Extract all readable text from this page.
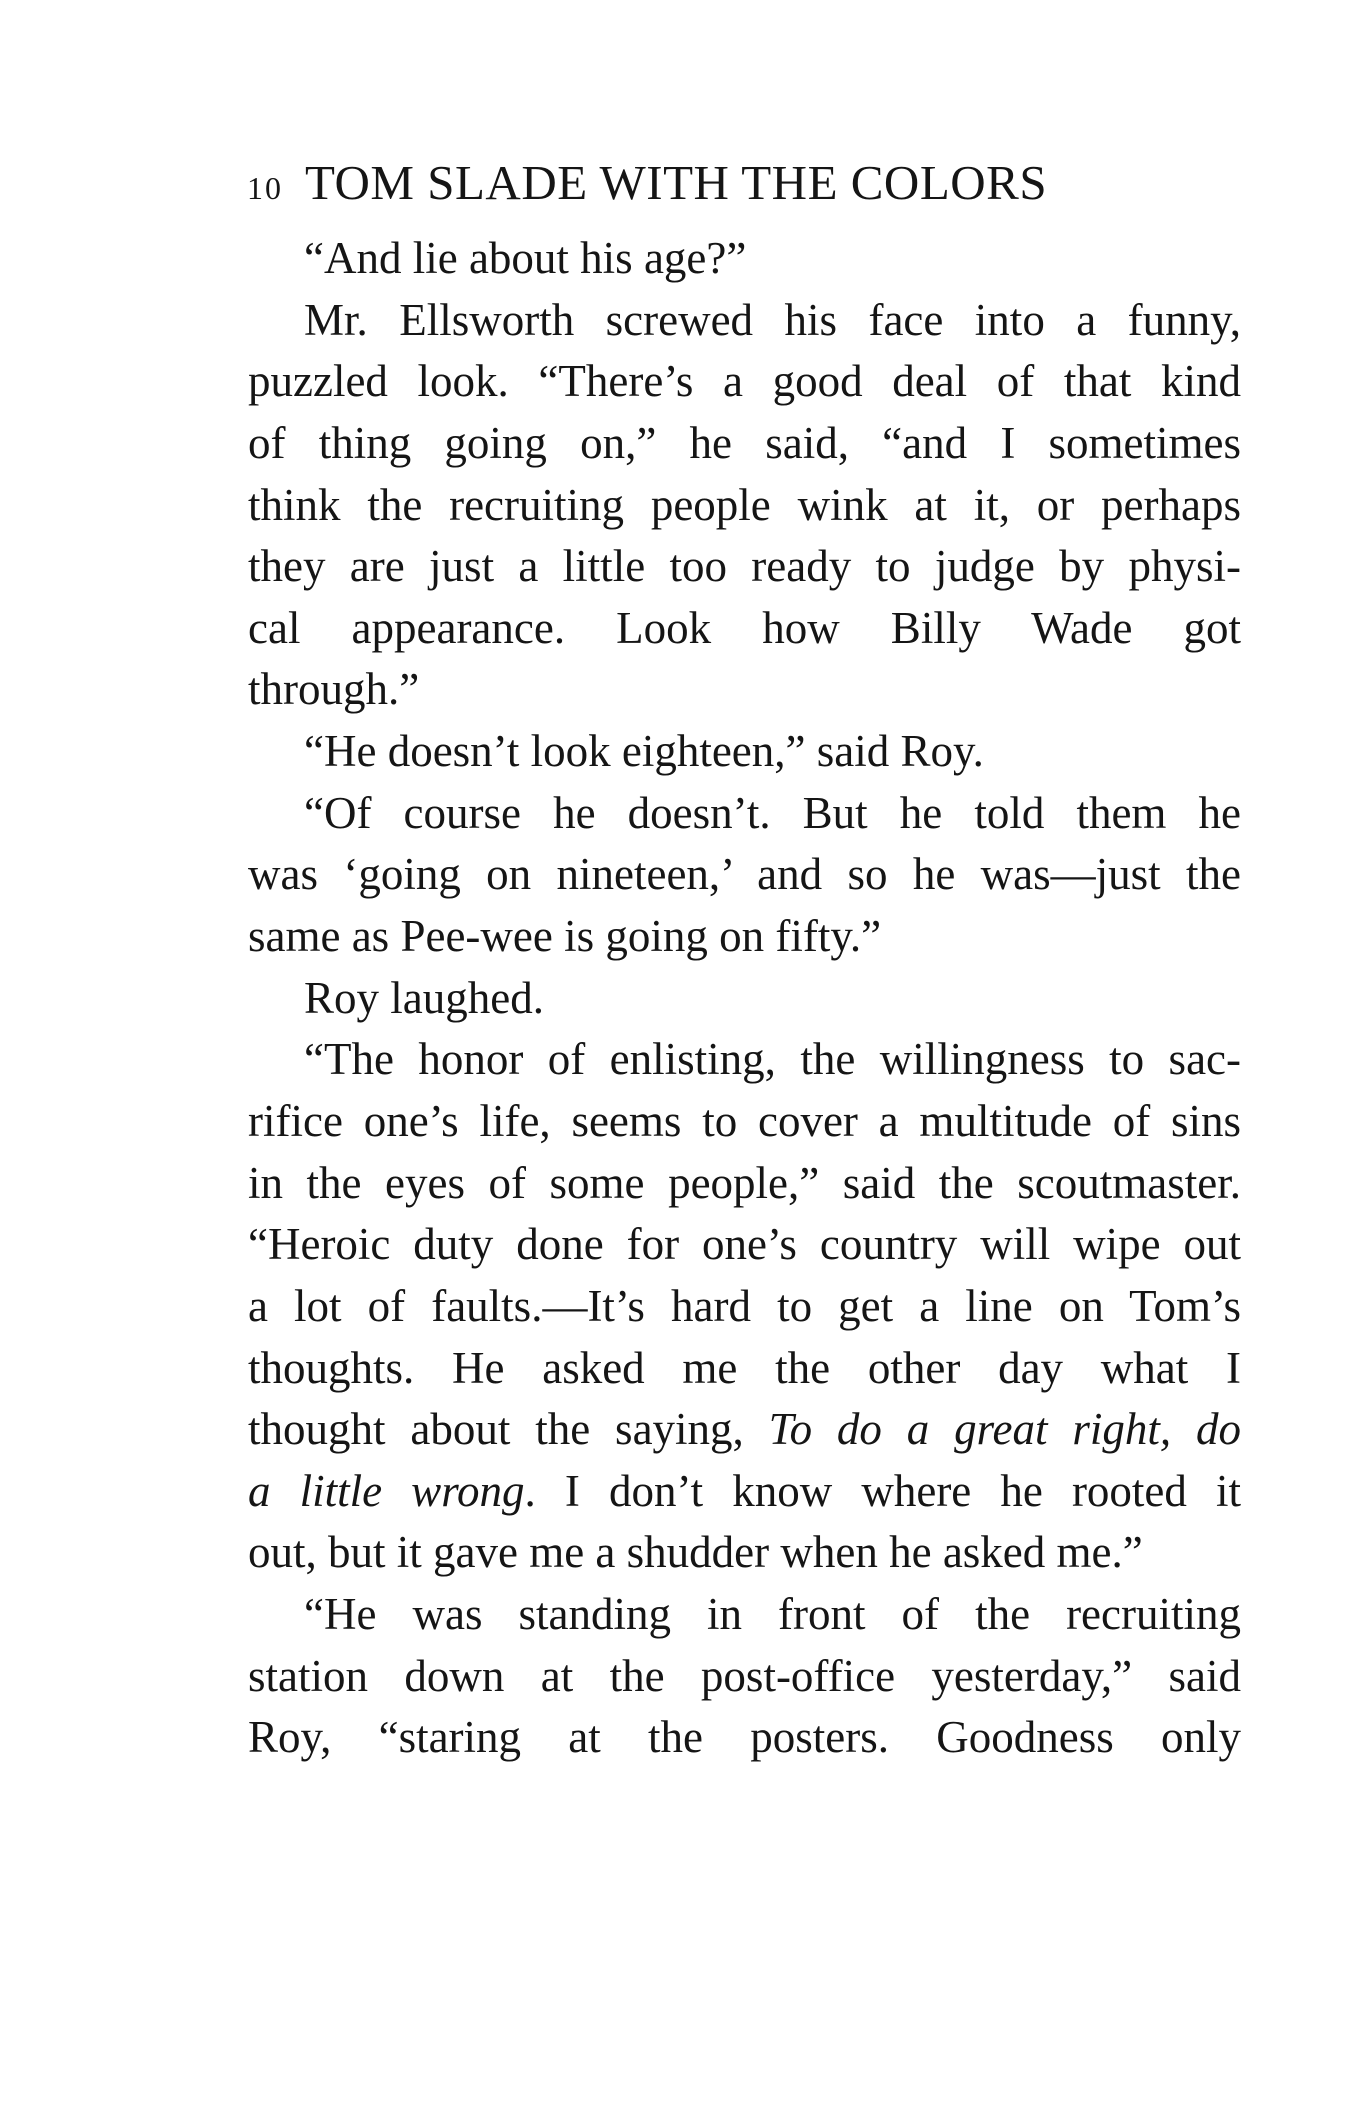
10 TOM SLADE WITH THE COLORS
“And lie about his age?”
Mr. Ellsworth screwed his face into a funny,
puzzled look. “There’s a good deal of that kind
of thing going on,” he said, “and I sometimes
think the recruiting people wink at it, or perhaps
they are just a little too ready to judge by physi-
cal appearance. Look how Billy Wade got
through.”
“He doesn’t look eighteen,” said Roy.
“Of course he doesn’t. But he told them he
was ‘going on nineteen,’ and so he was—just the
same as Pee-wee is going on fifty.”
Roy laughed.
“The honor of enlisting, the willingness to sac-
rifice one’s life, seems to cover a multitude of sins
in the eyes of some people,” said the scoutmaster.
“Heroic duty done for one’s country will wipe out
a lot of faults.—It’s hard to get a line on Tom’s
thoughts. He asked me the other day what I
thought about the saying, To do a great right, do
a little wrong. I don’t know where he rooted it
out, but it gave me a shudder when he asked me.”
“He was standing in front of the recruiting
station down at the post-office yesterday,” said
Roy, “staring at the posters. Goodness only
